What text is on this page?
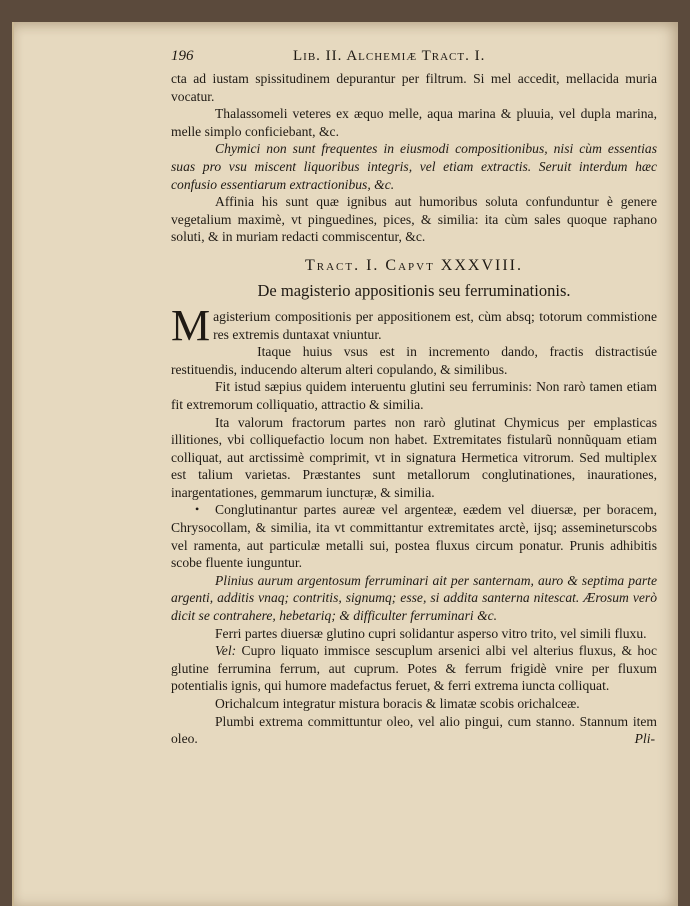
196	Lib. II. Alchemiæ Tract. I.

cta ad iustam spissitudinem depurantur per filtrum. Si mel accedit, mellacida muria vocatur.

Thalassomeli veteres ex æquo melle, aqua marina & pluuia, vel dupla marina, melle simplo conficiebant, &c.

Chymici non sunt frequentes in eiusmodi compositionibus, nisi cùm essentias suas pro vsu miscent liquoribus integris, vel etiam extractis. Seruit interdum hæc confusio essentiarum extractionibus, &c.

Affinia his sunt quæ ignibus aut humoribus soluta confunduntur è genere vegetalium maximè, vt pinguedines, pices, & similia: ita cùm sales quoque raphano soluti, & in muriam redacti commiscentur, &c.

Tract. I. Capvt XXXVIII.
De magisterio appositionis seu ferruminationis.

M agisterium compositionis per appositionem est, cùm absq; totorum commistione res extremis duntaxat vniuntur.

Itaque huius vsus est in incremento dando, fractis distractisúe restituendis, inducendo alterum alteri copulando, & similibus.

Fit istud sæpius quidem interuentu glutini seu ferruminis: Non rarò tamen etiam fit extremorum colliquatio, attractio & similia.

Ita valorum fractorum partes non rarò glutinat Chymicus per emplasticas illitiones, vbi colliquefactio locum non habet. Extremitates fistularũ nonnũquam etiam colliquat, aut arctissimè comprimit, vt in signatura Hermetica vitrorum. Sed multiplex est talium varietas. Præstantes sunt metallorum conglutinationes, inaurationes, inargentationes, gemmarum iunctuṛæ, & similia.

• Conglutinantur partes aureæ vel argenteæ, eædem vel diuersæ, per boracem, Chrysocollam, & similia, ita vt committantur extremitates arctè, ijsq; assemineturscobs vel ramenta, aut particulæ metalli sui, postea fluxus circum ponatur. Prunis adhibitis scobe fluente iunguntur.

Plinius aurum argentosum ferruminari ait per santernam, auro & septima parte argenti, additis vnaq; contritis, signumq; esse, si addita santerna nitescat. Ærosum verò dicit se contrahere, hebetariq; & difficulter ferruminari &c.

Ferri partes diuersæ glutino cupri solidantur asperso vitro trito, vel simili fluxu.

Vel: Cupro liquato immisce sescuplum arsenici albi vel alterius fluxus, & hoc glutine ferrumina ferrum, aut cuprum. Potes & ferrum frigidè vnire per fluxum potentialis ignis, qui humore madefactus feruet, & ferri extrema iuncta colliquat.

Orichalcum integratur mistura boracis & limatæ scobis orichalceæ.

Plumbi extrema committuntur oleo, vel alio pingui, cum stanno. Stannum item oleo.	Pli-
